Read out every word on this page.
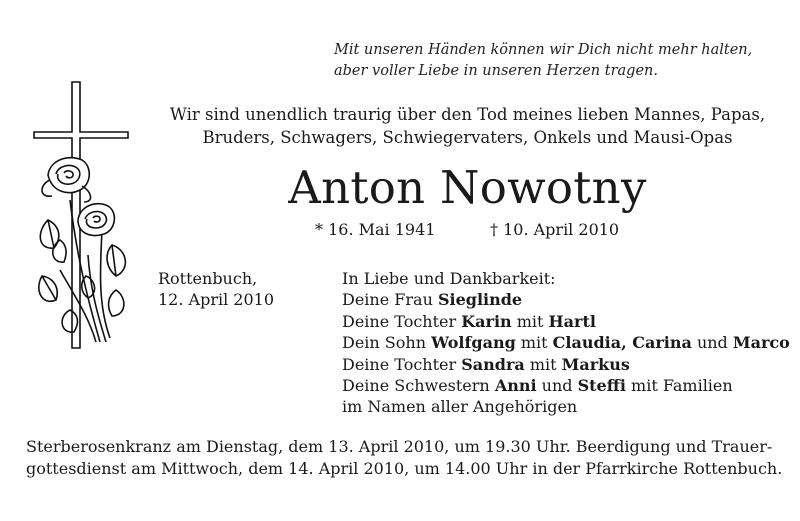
Mit unseren Händen können wir Dich nicht mehr halten,
aber voller Liebe in unseren Herzen tragen.
Wir sind unendlich traurig über den Tod meines lieben Mannes, Papas,
Bruders, Schwagers, Schwiegervaters, Onkels und Mausi-Opas
Anton Nowotny
* 16. Mai 1941	† 10. April 2010
Rottenbuch,
12. April 2010
In Liebe und Dankbarkeit:
Deine Frau Sieglinde
Deine Tochter Karin mit Hartl
Dein Sohn Wolfgang mit Claudia, Carina und Marco
Deine Tochter Sandra mit Markus
Deine Schwestern Anni und Steffi mit Familien
im Namen aller Angehörigen
Sterberosenkranz am Dienstag, dem 13. April 2010, um 19.30 Uhr. Beerdigung und Trauer-
gottesdienst am Mittwoch, dem 14. April 2010, um 14.00 Uhr in der Pfarrkirche Rottenbuch.
